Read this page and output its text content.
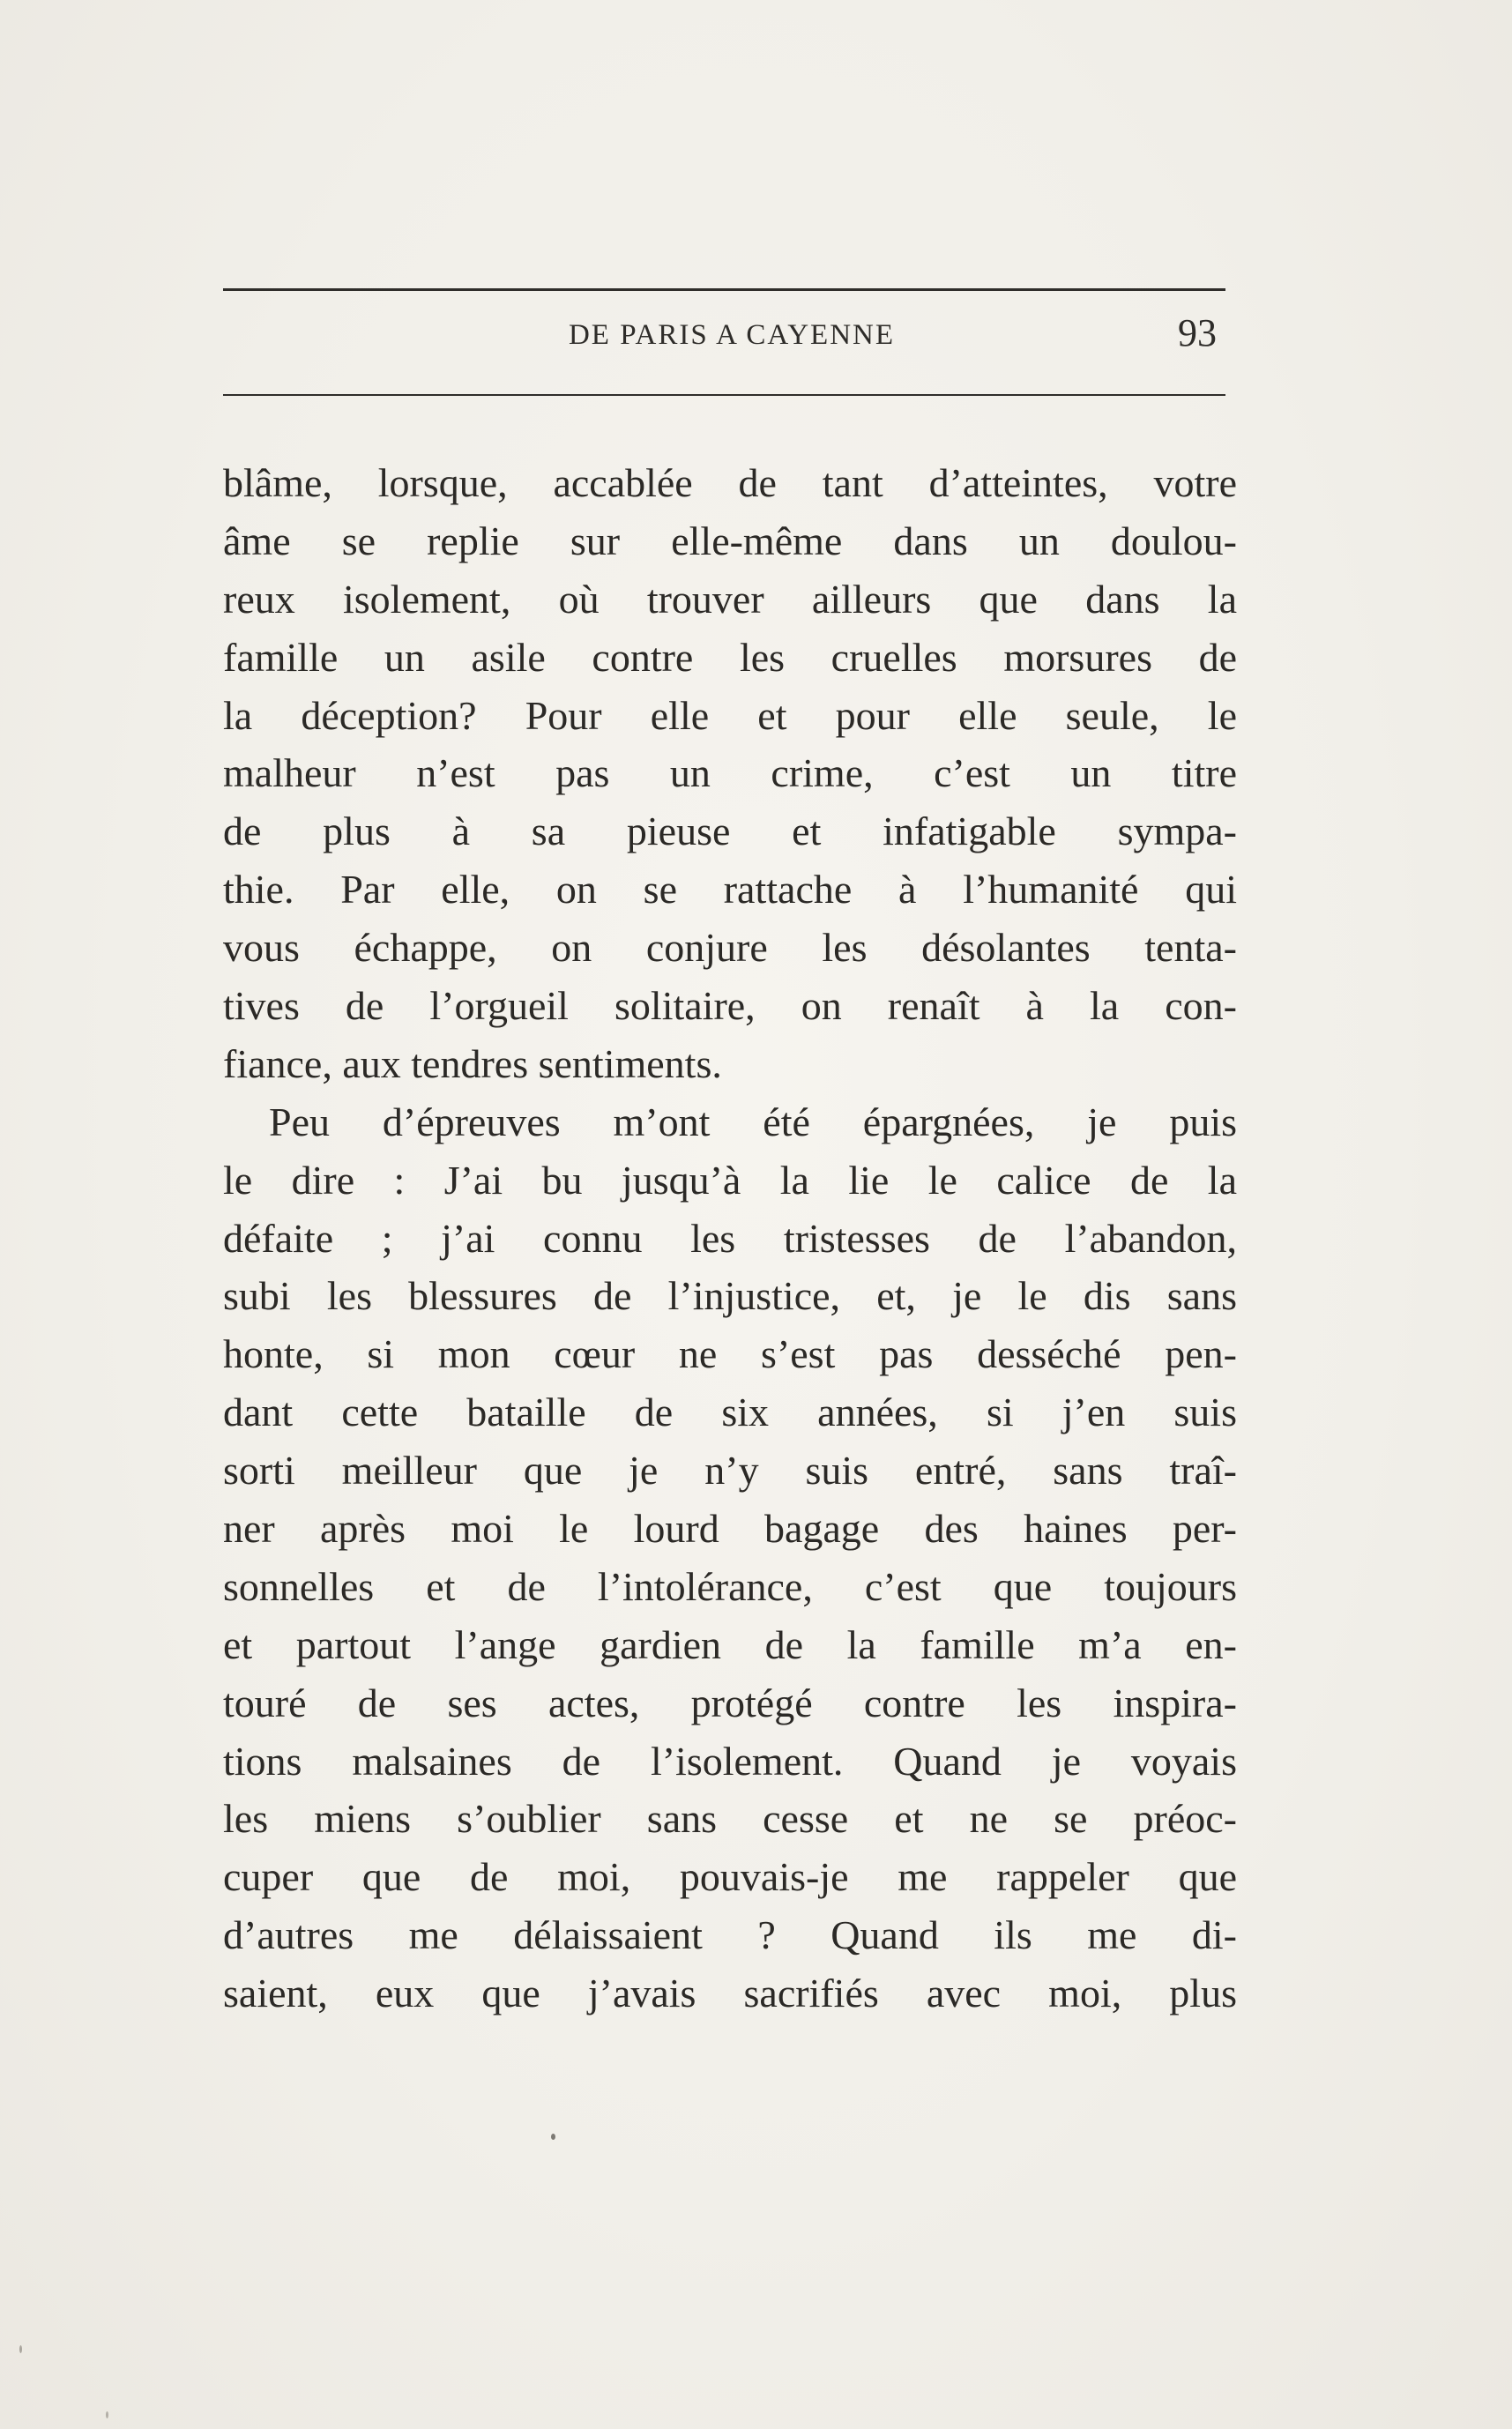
DE PARIS A CAYENNE	93
blâme, lorsque, accablée de tant d’atteintes, votre
âme se replie sur elle-même dans un doulou-
reux isolement, où trouver ailleurs que dans la
famille un asile contre les cruelles morsures de
la déception? Pour elle et pour elle seule, le
malheur n’est pas un crime, c’est un titre
de plus à sa pieuse et infatigable sympa-
thie. Par elle, on se rattache à l’humanité qui
vous échappe, on conjure les désolantes tenta-
tives de l’orgueil solitaire, on renaît à la con-
fiance, aux tendres sentiments.
Peu d’épreuves m’ont été épargnées, je puis
le dire : J’ai bu jusqu’à la lie le calice de la
défaite ; j’ai connu les tristesses de l’abandon,
subi les blessures de l’injustice, et, je le dis sans
honte, si mon cœur ne s’est pas desséché pen-
dant cette bataille de six années, si j’en suis
sorti meilleur que je n’y suis entré, sans traî-
ner après moi le lourd bagage des haines per-
sonnelles et de l’intolérance, c’est que toujours
et partout l’ange gardien de la famille m’a en-
touré de ses actes, protégé contre les inspira-
tions malsaines de l’isolement. Quand je voyais
les miens s’oublier sans cesse et ne se préoc-
cuper que de moi, pouvais-je me rappeler que
d’autres me délaissaient ? Quand ils me di-
saient, eux que j’avais sacrifiés avec moi, plus
